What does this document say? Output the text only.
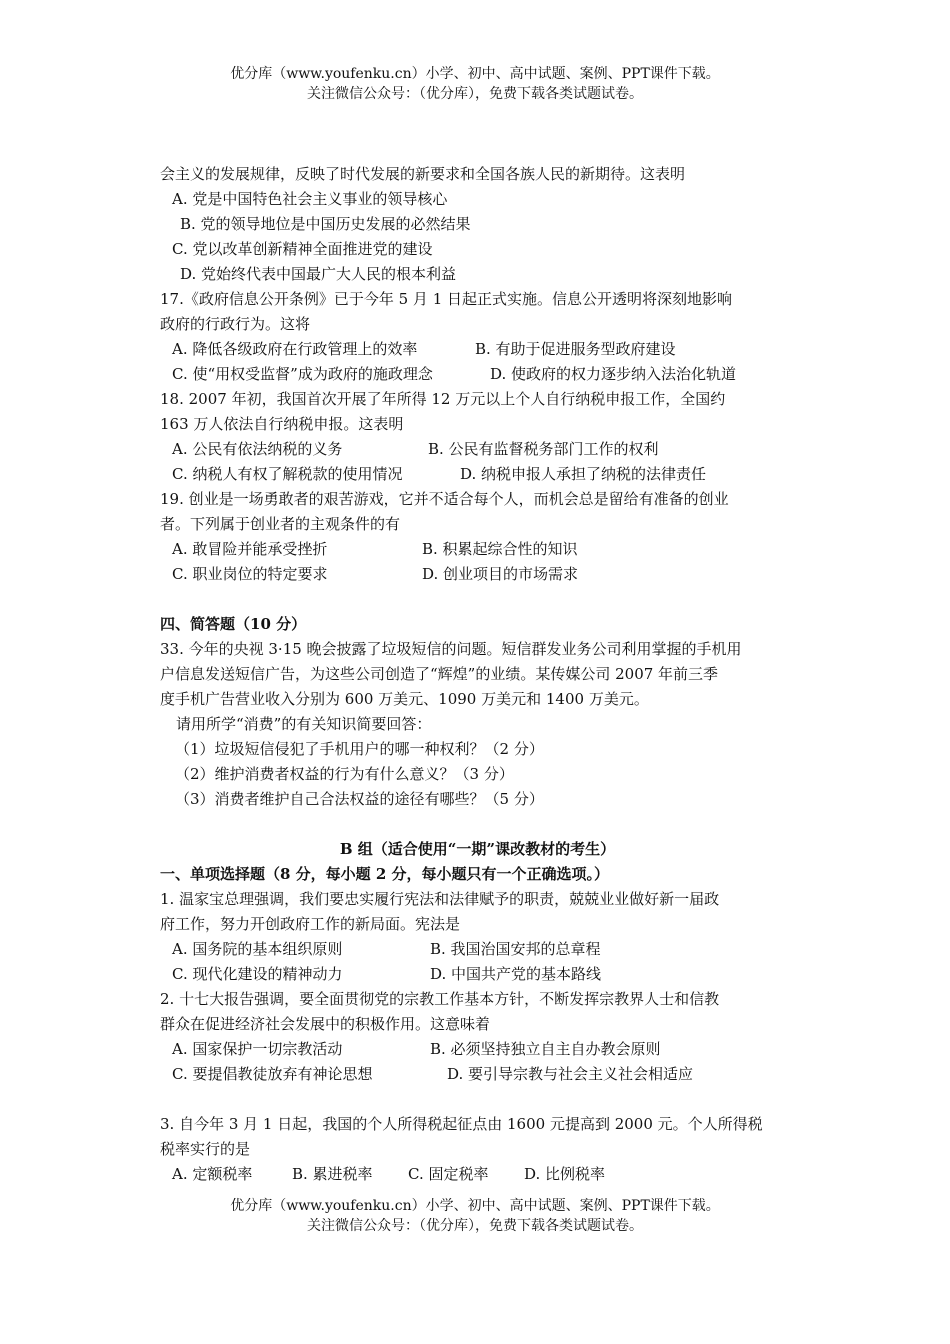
优分库（www.youfenku.cn）小学、初中、高中试题、案例、PPT课件下载。
关注微信公众号：（优分库），免费下载各类试题试卷。
会主义的发展规律，反映了时代发展的新要求和全国各族人民的新期待。这表明
A. 党是中国特色社会主义事业的领导核心
B. 党的领导地位是中国历史发展的必然结果
C. 党以改革创新精神全面推进党的建设
D. 党始终代表中国最广大人民的根本利益
17.《政府信息公开条例》已于今年 5 月 1 日起正式实施。信息公开透明将深刻地影响
政府的行政行为。这将
A. 降低各级政府在行政管理上的效率	B. 有助于促进服务型政府建设
C. 使“用权受监督”成为政府的施政理念	D. 使政府的权力逐步纳入法治化轨道
18. 2007 年初，我国首次开展了年所得 12 万元以上个人自行纳税申报工作，全国约
163 万人依法自行纳税申报。这表明
A. 公民有依法纳税的义务	B. 公民有监督税务部门工作的权利
C. 纳税人有权了解税款的使用情况	D. 纳税申报人承担了纳税的法律责任
19. 创业是一场勇敢者的艰苦游戏，它并不适合每个人，而机会总是留给有准备的创业
者。下列属于创业者的主观条件的有
A. 敢冒险并能承受挫折	B. 积累起综合性的知识
C. 职业岗位的特定要求	D. 创业项目的市场需求
四、简答题（10 分）
33. 今年的央视 3·15 晚会披露了垃圾短信的问题。短信群发业务公司利用掌握的手机用
户信息发送短信广告，为这些公司创造了“辉煌”的业绩。某传媒公司 2007 年前三季
度手机广告营业收入分别为 600 万美元、1090 万美元和 1400 万美元。
请用所学“消费”的有关知识简要回答：
（1）垃圾短信侵犯了手机用户的哪一种权利？（2 分）
（2）维护消费者权益的行为有什么意义？（3 分）
（3）消费者维护自己合法权益的途径有哪些？（5 分）
B 组（适合使用“一期”课改教材的考生）
一、单项选择题（8 分，每小题 2 分，每小题只有一个正确选项。）
1. 温家宝总理强调，我们要忠实履行宪法和法律赋予的职责，兢兢业业做好新一届政
府工作，努力开创政府工作的新局面。宪法是
A. 国务院的基本组织原则	B. 我国治国安邦的总章程
C. 现代化建设的精神动力	D. 中国共产党的基本路线
2. 十七大报告强调，要全面贯彻党的宗教工作基本方针，不断发挥宗教界人士和信教
群众在促进经济社会发展中的积极作用。这意味着
A. 国家保护一切宗教活动	B. 必须坚持独立自主自办教会原则
C. 要提倡教徒放弃有神论思想	D. 要引导宗教与社会主义社会相适应
3. 自今年 3 月 1 日起，我国的个人所得税起征点由 1600 元提高到 2000 元。个人所得税
税率实行的是
A. 定额税率	B. 累进税率	C. 固定税率	D. 比例税率
优分库（www.youfenku.cn）小学、初中、高中试题、案例、PPT课件下载。
关注微信公众号：（优分库），免费下载各类试题试卷。
